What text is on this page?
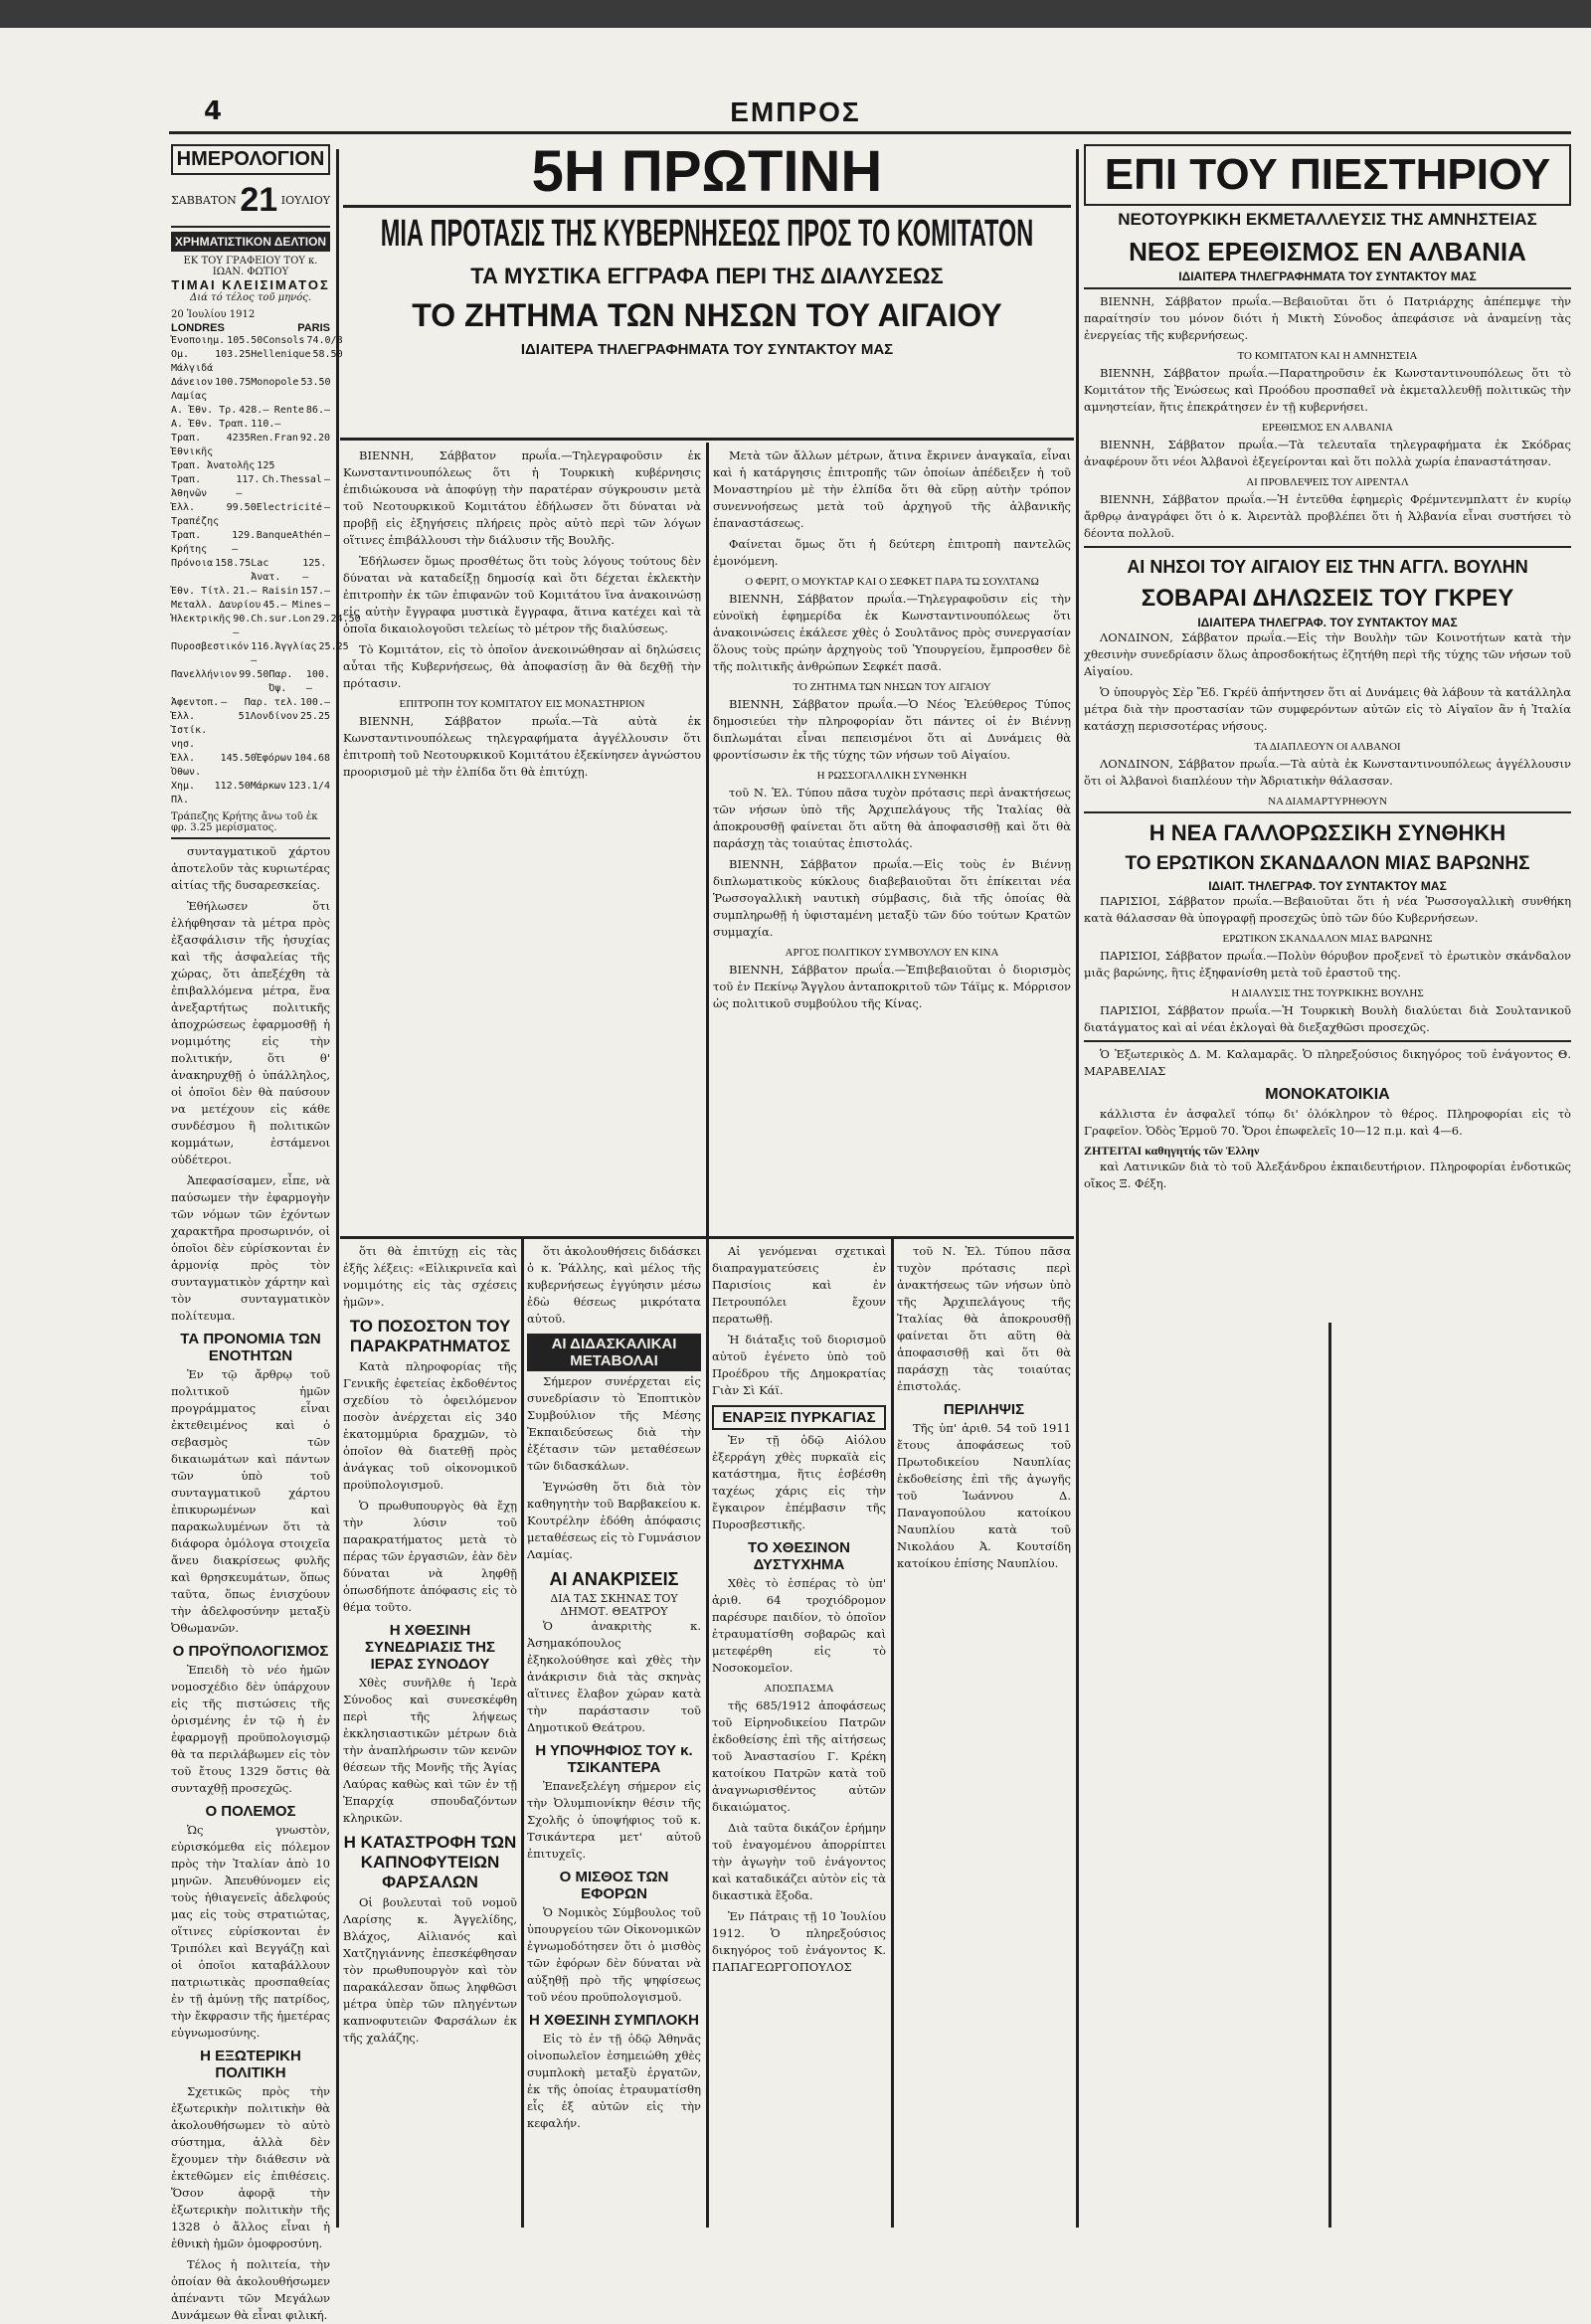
4	ΕΜΠΡΟΣ
ΗΜΕΡΟΛΟΓΙΟΝ
ΣΑΒΒΑΤΟΝ 21 ΙΟΥΛΙΟΥ
ΧΡΗΜΑΤΙΣΤΙΚΟΝ ΔΕΛΤΙΟΝ
ΕΚ ΤΟΥ ΓΡΑΦΕΙΟΥ ΤΟΥ κ. ΙΩΑΝ. ΦΩΤΙΟΥ
ΤΙΜΑΙ ΚΛΕΙΣΙΜΑΤΟΣ
Διά τό τέλος τοῦ μηνός.
20 Ἰουλίου 1912
LONDRES	PARIS
Ἐνοποιημ. 105.50 Consols 74.0/8
Ομ. Μάλγιδά
103.25 Hellenique 58.50
Δάνειον Λαμίας
100.75 Monopole 53.50
Α. Ἐθν. Τρ. 428.— Rente 86.—
Α. Ἐθν. Τραπ. 110.—
Τραπ. Ἐθνικῆς
4235 Ren.Fran 92.20
Τραπ. Ἀνατολῆς 125
Τραπ. Ἀθηνῶν
117.—
Ch.Thessal —
Ἑλλ. Τραπέζης
99.50 Electricité —
Τραπ. Κρήτης
129.—
BanqueAthén —
Πρόνοια 158.75 Lac Ἀνατ.
125.—
Ἐθν. Τίτλ. 21.— Raisin 157.—
Μεταλλ. Δαυρίου 45.— Mines —
Ἠλεκτρικῆς 90.—
Ch.sur.Lon 29.24.50
Πυροσβεστικόν 116.—
Ἀγγλίας 25.25
Πανελλήνιον 99.50 Παρ. Όψ.
100.—
Ἀφεντοπ. — Παρ. τελ. 100.—
Ἑλλ. Ἰστίκ. νησ.
51 Λονδίνον 25.25
Ἑλλ. Ὀθων.
145.50 Ἐφόρων 104.68
Χημ. Πλ.
112.50 Μάρκων 123.1/4
Τράπεζης Κρήτης ἄνω τοῦ ἐκ φρ. 3.25 μερίσματος.

συνταγματικοῦ χάρτου ἀποτελοῦν τὰς κυριωτέρας αἰτίας τῆς δυσαρεσκείας.

Ἐθήλωσεν ὅτι ἐλήφθησαν τὰ μέτρα πρὸς ἐξασφάλισιν τῆς ἡσυχίας καὶ τῆς ἀσφαλείας τῆς χώρας, ὅτι ἀπεξέχθη τὰ ἐπιβαλλόμενα μέτρα, ἕνα ἀνεξαρτήτως πολιτικῆς ἀποχρώσεως ἐφαρμοσθῇ ἡ νομιμότης εἰς τὴν πολιτικήν, ὅτι θ' ἀνακηρυχθῇ ὁ ὑπάλληλος, οἱ ὁποῖοι δὲν θὰ παύσουν να μετέχουν εἰς κάθε συνδέσμου ἢ πολιτικῶν κομμάτων, ἐστάμενοι οὐδέτεροι.

Ἀπεφασίσαμεν, εἶπε, νὰ παύσωμεν τὴν ἐφαρμογὴν τῶν νόμων τῶν ἐχόντων χαρακτῆρα προσωρινόν, οἱ ὁποῖοι δὲν εὑρίσκονται ἐν ἁρμονίᾳ πρὸς τὸν συνταγματικὸν χάρτην καὶ τὸν συνταγματικὸν πολίτευμα.

ΤΑ ΠΡΟΝΟΜΙΑ ΤΩΝ ΕΝΟΤΗΤΩΝ

Ἐν τῷ ἄρθρῳ τοῦ πολιτικοῦ ἡμῶν προγράμματος εἶναι ἐκτεθειμένος καὶ ὁ σεβασμὸς τῶν δικαιωμάτων καὶ πάντων τῶν ὑπὸ τοῦ συνταγματικοῦ χάρτου ἐπικυρωμένων καὶ παρακωλυμένων ὅτι τὰ διάφορα ὁμόλογα στοιχεῖα ἄνευ διακρίσεως φυλῆς καὶ θρησκευμάτων, ὅπως ταῦτα, ὅπως ἐνισχύουν τὴν ἀδελφοσύνην μεταξὺ Ὀθωμανῶν.

Ο ΠΡΟΫΠΟΛΟΓΙΣΜΟΣ

Ἐπειδὴ τὸ νέο ἡμῶν νομοσχέδιο δὲν ὑπάρχουν εἰς τῆς πιστώσεις τῆς ὁρισμένης ἐν τῷ ἡ ἐν ἐφαρμογῇ προϋπολογισμῷ θὰ τα περιλάβωμεν εἰς τὸν τοῦ ἔτους 1329 ὅστις θὰ συνταχθῇ προσεχῶς.

Ο ΠΟΛΕΜΟΣ

Ὡς γνωστὸν, εὑρισκόμεθα εἰς πόλεμον πρὸς τὴν Ἰταλίαν ἀπὸ 10 μηνῶν. Ἀπευθύνομεν εἰς τοὺς ἡθιαγενεῖς ἀδελφούς μας εἰς τοὺς στρατιώτας, οἵτινες εὑρίσκονται ἐν Τριπόλει καὶ Βεγγάζῃ καὶ οἱ ὁποῖοι καταβάλλουν πατριωτικὰς προσπαθείας ἐν τῇ ἀμύνῃ τῆς πατρίδος, τὴν ἔκφρασιν τῆς ἡμετέρας εὐγνωμοσύνης.

Η ΕΞΩΤΕΡΙΚΗ ΠΟΛΙΤΙΚΗ

Σχετικῶς πρὸς τὴν ἐξωτερικὴν πολιτικὴν θὰ ἀκολουθήσωμεν τὸ αὐτὸ σύστημα, ἀλλὰ δὲν ἔχουμεν τὴν διάθεσιν νὰ ἐκτεθῶμεν εἰς ἐπιθέσεις. Ὅσον ἀφορᾷ τὴν ἐξωτερικὴν πολιτικὴν τῆς 1328 ὁ ἄλλος εἶναι ἡ ἐθνικὴ ἡμῶν ὁμοφροσύνη.

Τέλος ἡ πολιτεία, τὴν ὁποίαν θὰ ἀκολουθήσωμεν ἀπέναντι τῶν Μεγάλων Δυνάμεων θὰ εἶναι φιλική.

5Η ΠΡΩΤΙΝΗ
ΜΙΑ ΠΡΟΤΑΣΙΣ ΤΗΣ ΚΥΒΕΡΝΗΣΕΩΣ ΠΡΟΣ ΤΟ ΚΟΜΙΤΑΤΟΝ
ΤΑ ΜΥΣΤΙΚΑ ΕΓΓΡΑΦΑ ΠΕΡΙ ΤΗΣ ΔΙΑΛΥΣΕΩΣ
ΤΟ ΖΗΤΗΜΑ ΤΩΝ ΝΗΣΩΝ ΤΟΥ ΑΙΓΑΙΟΥ
ΙΔΙΑΙΤΕΡΑ ΤΗΛΕΓΡΑΦΗΜΑΤΑ ΤΟΥ ΣΥΝΤΑΚΤΟΥ ΜΑΣ

ΒΙΕΝΝΗ, Σάββατον πρωΐα.—Τηλεγραφοῦσιν ἐκ Κωνσταντινουπόλεως ὅτι ἡ Τουρκικὴ κυβέρνησις ἐπιδιώκουσα νὰ ἀποφύγῃ τὴν παρατέραν σύγκρουσιν μετὰ τοῦ Νεοτουρκικοῦ Κομιτάτου ἐδήλωσεν ὅτι δύναται νὰ προβῇ εἰς ἐξηγήσεις πλήρεις πρὸς αὐτὸ περὶ τῶν λόγων οἵτινες ἐπιβάλλουσι τὴν διάλυσιν τῆς Βουλῆς.

Ἐδήλωσεν ὅμως προσθέτως ὅτι τοὺς λόγους τούτους δὲν δύναται νὰ καταδείξῃ δημοσίᾳ καὶ ὅτι δέχεται ἐκλεκτὴν ἐπιτροπὴν ἐκ τῶν ἐπιφανῶν τοῦ Κομιτάτου ἵνα ἀνακοινώσῃ εἰς αὐτὴν ἔγγραφα μυστικὰ ἔγγραφα, ἅτινα κατέχει καὶ τὰ ὁποῖα δικαιολογοῦσι τελείως τὸ μέτρον τῆς διαλύσεως.

Τὸ Κομιτάτον, εἰς τὸ ὁποῖον ἀνεκοινώθησαν αἱ δηλώσεις αὗται τῆς Κυβερνήσεως, θὰ ἀποφασίσῃ ἂν θὰ δεχθῇ τὴν πρότασιν.

ΕΠΙΤΡΟΠΗ ΤΟΥ ΚΟΜΙΤΑΤΟΥ ΕΙΣ ΜΟΝΑΣΤΗΡΙΟΝ

ΒΙΕΝΝΗ, Σάββατον πρωΐα.—Τὰ αὐτὰ ἐκ Κωνσταντινουπόλεως τηλεγραφήματα ἀγγέλλουσιν ὅτι ἐπιτροπὴ τοῦ Νεοτουρκικοῦ Κομιτάτου ἐξεκίνησεν ἀγνώστου προορισμοῦ μὲ τὴν ἐλπίδα ὅτι θὰ ἐπιτύχῃ.

Μετὰ τῶν ἄλλων μέτρων, ἅτινα ἔκρινεν ἀναγκαῖα, εἶναι καὶ ἡ κατάργησις ἐπιτροπῆς τῶν ὁποίων ἀπέδειξεν ἡ τοῦ Μοναστηρίου μὲ τὴν ἐλπίδα ὅτι θὰ εὕρῃ αὐτὴν τρόπον συνεννοήσεως μετὰ τοῦ ἀρχηγοῦ τῆς ἀλβανικῆς ἐπαναστάσεως.

Φαίνεται ὅμως ὅτι ἡ δεύτερη ἐπιτροπὴ παντελῶς ἐμονόμενη.

Ο ΦΕΡΙΤ, Ο ΜΟΥΚΤΑΡ ΚΑΙ Ο ΣΕΦΚΕΤ ΠΑΡΑ ΤΩ ΣΟΥΛΤΑΝΩ

ΒΙΕΝΝΗ, Σάββατον πρωΐα.—Τηλεγραφοῦσιν εἰς τὴν εὐνοϊκὴ ἐφημερίδα ἐκ Κωνσταντινουπόλεως ὅτι ἀνακοινώσεις ἐκάλεσε χθὲς ὁ Σουλτᾶνος πρὸς συνεργασίαν ὅλους τοὺς πρώην ἀρχηγοὺς τοῦ Ὑπουργείου, ἔμπροσθεν δὲ τῆς πολιτικῆς ἀνθρώπων Σεφκέτ πασᾶ.

ΤΟ ΖΗΤΗΜΑ ΤΩΝ ΝΗΣΩΝ ΤΟΥ ΑΙΓΑΙΟΥ

ΒΙΕΝΝΗ, Σάββατον πρωΐα.—Ὁ Νέος Ἐλεύθερος Τύπος δημοσιεύει τὴν πληροφορίαν ὅτι πάντες οἱ ἐν Βιέννῃ διπλωμάται εἶναι πεπεισμένοι ὅτι αἱ Δυνάμεις θὰ φροντίσωσιν ἐκ τῆς τύχης τῶν νήσων τοῦ Αἰγαίου.

Η ΡΩΣΣΟΓΑΛΛΙΚΗ ΣΥΝΘΗΚΗ

τοῦ Ν. Ἐλ. Τύπου πᾶσα τυχὸν πρότασις περὶ ἀνακτήσεως τῶν νήσων ὑπὸ τῆς Ἀρχιπελάγους τῆς Ἰταλίας θὰ ἀποκρουσθῇ φαίνεται ὅτι αὕτη θὰ ἀποφασισθῇ καὶ ὅτι θὰ παράσχῃ τὰς τοιαύτας ἐπιστολάς.

ΒΙΕΝΝΗ, Σάββατον πρωΐα.—Εἰς τοὺς ἐν Βιέννῃ διπλωματικοὺς κύκλους διαβεβαιοῦται ὅτι ἐπίκειται νέα Ῥωσσογαλλικὴ ναυτικὴ σύμβασις, διὰ τῆς ὁποίας θὰ συμπληρωθῇ ἡ ὑφισταμένη μεταξὺ τῶν δύο τούτων Κρατῶν συμμαχία.

ΑΡΓΟΣ ΠΟΛΙΤΙΚΟΥ ΣΥΜΒΟΥΛΟΥ ΕΝ ΚΙΝΑ

ΒΙΕΝΝΗ, Σάββατον πρωΐα.—Ἐπιβεβαιοῦται ὁ διορισμὸς τοῦ ἐν Πεκίνῳ Ἄγγλου ἀνταποκριτοῦ τῶν Τάϊμς κ. Μόρρισον ὡς πολιτικοῦ συμβούλου τῆς Κίνας.

ὅτι θὰ ἐπιτύχῃ εἰς τὰς ἐξῆς λέξεις: «Εἰλικρινεῖα καὶ νομιμότης εἰς τὰς σχέσεις ἡμῶν».

ΤΟ ΠΟΣΟΣΤΟΝ ΤΟΥ ΠΑΡΑΚΡΑΤΗΜΑΤΟΣ

Κατὰ πληροφορίας τῆς Γενικῆς ἐφετείας ἐκδοθέντος σχεδίου τὸ ὀφειλόμενον ποσὸν ἀνέρχεται εἰς 340 ἑκατομμύρια δραχμῶν, τὸ ὁποῖον θὰ διατεθῇ πρὸς ἀνάγκας τοῦ οἰκονομικοῦ προϋπολογισμοῦ.

Ὁ πρωθυπουργὸς θὰ ἔχῃ τὴν λύσιν τοῦ παρακρατήματος μετὰ τὸ πέρας τῶν ἐργασιῶν, ἐὰν δὲν δύναται νὰ ληφθῇ ὁπωσδήποτε ἀπόφασις εἰς τὸ θέμα τοῦτο.

Η ΧΘΕΣΙΝΗ ΣΥΝΕΔΡΙΑΣΙΣ ΤΗΣ ΙΕΡΑΣ ΣΥΝΟΔΟΥ

Χθὲς συνῆλθε ἡ Ἱερὰ Σύνοδος καὶ συνεσκέφθη περὶ τῆς λήψεως ἐκκλησιαστικῶν μέτρων διὰ τὴν ἀναπλήρωσιν τῶν κενῶν θέσεων τῆς Μονῆς τῆς Ἁγίας Λαύρας καθὼς καὶ τῶν ἐν τῇ Ἐπαρχίᾳ σπουδαζόντων κληρικῶν.

Η ΚΑΤΑΣΤΡΟΦΗ ΤΩΝ ΚΑΠΝΟΦΥΤΕΙΩΝ ΦΑΡΣΑΛΩΝ

Οἱ βουλευταὶ τοῦ νομοῦ Λαρίσης κ. Ἀγγελίδης, Βλάχος, Αἰλιανός καὶ Χατζηγιάννης ἐπεσκέφθησαν τὸν πρωθυπουργὸν καὶ τὸν παρακάλεσαν ὅπως ληφθῶσι μέτρα ὑπὲρ τῶν πληγέντων καπνοφυτειῶν Φαρσάλων ἐκ τῆς χαλάζης.

ὅτι ἀκολουθήσεις διδάσκει ὁ κ. Ῥάλλης, καὶ μέλος τῆς κυβερνήσεως ἐγγύησιν μέσω ἐδὼ θέσεως μικρότατα αὐτοῦ.

ΑΙ ΔΙΔΑΣΚΑΛΙΚΑΙ ΜΕΤΑΒΟΛΑΙ

Σήμερον συνέρχεται εἰς συνεδρίασιν τὸ Ἐποπτικὸν Συμβούλιον τῆς Μέσης Ἐκπαιδεύσεως διὰ τὴν ἐξέτασιν τῶν μεταθέσεων τῶν διδασκάλων.

Ἐγνώσθη ὅτι διὰ τὸν καθηγητὴν τοῦ Βαρβακείου κ. Κουτρέλην ἐδόθη ἀπόφασις μεταθέσεως εἰς τὸ Γυμνάσιον Λαμίας.

ΑΙ ΑΝΑΚΡΙΣΕΙΣ
ΔΙΑ ΤΑΣ ΣΚΗΝΑΣ ΤΟΥ ΔΗΜΟΤ. ΘΕΑΤΡΟΥ

Ὁ ἀνακριτὴς κ. Ἀσημακόπουλος ἐξηκολούθησε καὶ χθὲς τὴν ἀνάκρισιν διὰ τὰς σκηνὰς αἵτινες ἔλαβον χώραν κατὰ τὴν παράστασιν τοῦ Δημοτικοῦ Θεάτρου.

Η ΥΠΟΨΗΦΙΟΣ ΤΟΥ κ. ΤΣΙΚΑΝΤΕΡΑ

Ἐπανεξελέγη σήμερον εἰς τὴν Ὀλυμπιονίκην θέσιν τῆς Σχολῆς ὁ ὑποψήφιος τοῦ κ. Τσικάντερα μετ' αὐτοῦ ἐπιτυχεῖς.

Ο ΜΙΣΘΟΣ ΤΩΝ ΕΦΟΡΩΝ

Ὁ Νομικὸς Σύμβουλος τοῦ ὑπουργείου τῶν Οἰκονομικῶν ἐγνωμοδότησεν ὅτι ὁ μισθὸς τῶν ἐφόρων δὲν δύναται νὰ αὐξηθῇ πρὸ τῆς ψηφίσεως τοῦ νέου προϋπολογισμοῦ.

Η ΧΘΕΣΙΝΗ ΣΥΜΠΛΟΚΗ

Εἰς τὸ ἐν τῇ ὁδῷ Ἀθηνᾶς οἰνοπωλεῖον ἐσημειώθη χθὲς συμπλοκὴ μεταξὺ ἐργατῶν, ἐκ τῆς ὁποίας ἐτραυματίσθη εἷς ἐξ αὐτῶν εἰς τὴν κεφαλήν.

Αἱ γενόμεναι σχετικαὶ διαπραγματεύσεις ἐν Παρισίοις καὶ ἐν Πετρουπόλει ἔχουν περατωθῇ.

Ἡ διάταξις τοῦ διορισμοῦ αὐτοῦ ἐγένετο ὑπὸ τοῦ Προέδρου τῆς Δημοκρατίας Γιὰν Σὶ Κάϊ.

ΕΝΑΡΞΙΣ ΠΥΡΚΑΓΙΑΣ

Ἐν τῇ ὁδῷ Αἰόλου ἐξερράγη χθὲς πυρκαϊὰ εἰς κατάστημα, ἥτις ἐσβέσθη ταχέως χάρις εἰς τὴν ἔγκαιρον ἐπέμβασιν τῆς Πυροσβεστικῆς.

ΤΟ ΧΘΕΣΙΝΟΝ ΔΥΣΤΥΧΗΜΑ

Χθὲς τὸ ἑσπέρας τὸ ὑπ' ἀριθ. 64 τροχιόδρομον παρέσυρε παιδίον, τὸ ὁποῖον ἐτραυματίσθη σοβαρῶς καὶ μετεφέρθη εἰς τὸ Νοσοκομεῖον.

ΑΠΟΣΠΑΣΜΑ

τῆς 685/1912 ἀποφάσεως τοῦ Εἰρηνοδικείου Πατρῶν ἐκδοθείσης ἐπὶ τῆς αἰτήσεως τοῦ Ἀναστασίου Γ. Κρέκη κατοίκου Πατρῶν κατὰ τοῦ ἀναγνωρισθέντος αὐτῶν δικαιώματος.

Διὰ ταῦτα δικάζον ἐρήμην τοῦ ἐναγομένου ἀπορρίπτει τὴν ἀγωγὴν τοῦ ἐνάγοντος καὶ καταδικάζει αὐτὸν εἰς τὰ δικαστικὰ ἔξοδα.

Ἐν Πάτραις τῇ 10 Ἰουλίου 1912. Ὁ πληρεξούσιος δικηγόρος τοῦ ἐνάγοντος Κ. ΠΑΠΑΓΕΩΡΓΟΠΟΥΛΟΣ

τοῦ Ν. Ἐλ. Τύπου πᾶσα τυχὸν πρότασις περὶ ἀνακτήσεως τῶν νήσων ὑπὸ τῆς Ἀρχιπελάγους τῆς Ἰταλίας θὰ ἀποκρουσθῇ φαίνεται ὅτι αὕτη θὰ ἀποφασισθῇ καὶ ὅτι θὰ παράσχῃ τὰς τοιαύτας ἐπιστολάς.

ΠΕΡΙΛΗΨΙΣ

Τῆς ὑπ' ἀριθ. 54 τοῦ 1911 ἔτους ἀποφάσεως τοῦ Πρωτοδικείου Ναυπλίας ἐκδοθείσης ἐπὶ τῆς ἀγωγῆς τοῦ Ἰωάννου Δ. Παναγοπούλου κατοίκου Ναυπλίου κατὰ τοῦ Νικολάου Ἀ. Κουτσίδη κατοίκου ἐπίσης Ναυπλίου.

ΕΠΙ ΤΟΥ ΠΙΕΣΤΗΡΙΟΥ
ΝΕΟΤΟΥΡΚΙΚΗ ΕΚΜΕΤΑΛΛΕΥΣΙΣ ΤΗΣ ΑΜΝΗΣΤΕΙΑΣ
ΝΕΟΣ ΕΡΕΘΙΣΜΟΣ ΕΝ ΑΛΒΑΝΙΑ
ΙΔΙΑΙΤΕΡΑ ΤΗΛΕΓΡΑΦΗΜΑΤΑ ΤΟΥ ΣΥΝΤΑΚΤΟΥ ΜΑΣ

ΒΙΕΝΝΗ, Σάββατον πρωΐα.—Βεβαιοῦται ὅτι ὁ Πατριάρχης ἀπέπεμψε τὴν παραίτησίν του μόνον διότι ἡ Μικτὴ Σύνοδος ἀπεφάσισε νὰ ἀναμείνῃ τὰς ἐνεργείας τῆς κυβερνήσεως.

ΤΟ ΚΟΜΙΤΑΤΟΝ ΚΑΙ Η ΑΜΝΗΣΤΕΙΑ

ΒΙΕΝΝΗ, Σάββατον πρωΐα.—Παρατηροῦσιν ἐκ Κωνσταντινουπόλεως ὅτι τὸ Κομιτάτον τῆς Ἑνώσεως καὶ Προόδου προσπαθεῖ νὰ ἐκμεταλλευθῇ πολιτικῶς τὴν αμνηστείαν, ἥτις ἐπεκράτησεν ἐν τῇ κυβερνήσει.

ΕΡΕΘΙΣΜΟΣ ΕΝ ΑΛΒΑΝΙΑ

ΒΙΕΝΝΗ, Σάββατον πρωΐα.—Τὰ τελευταῖα τηλεγραφήματα ἐκ Σκόδρας ἀναφέρουν ὅτι νέοι Ἀλβανοὶ ἐξεγείρονται καὶ ὅτι πολλὰ χωρία ἐπαναστάτησαν.

ΑΙ ΠΡΟΒΛΕΨΕΙΣ ΤΟΥ ΑΙΡΕΝΤΑΛ

ΒΙΕΝΝΗ, Σάββατον πρωΐα.—Ἡ ἐντεῦθα ἐφημερὶς Φρέμντενμπλαττ ἐν κυρίῳ ἄρθρῳ ἀναγράφει ὅτι ὁ κ. Ἀιρεντὰλ προβλέπει ὅτι ἡ Ἀλβανία εἶναι συστήσει τὸ δέοντα πολλοῦ.

ΑΙ ΝΗΣΟΙ ΤΟΥ ΑΙΓΑΙΟΥ ΕΙΣ ΤΗΝ ΑΓΓΛ. ΒΟΥΛΗΝ
ΣΟΒΑΡΑΙ ΔΗΛΩΣΕΙΣ ΤΟΥ ΓΚΡΕΥ
ΙΔΙΑΙΤΕΡΑ ΤΗΛΕΓΡΑΦ. ΤΟΥ ΣΥΝΤΑΚΤΟΥ ΜΑΣ

ΛΟΝΔΙΝΟΝ, Σάββατον πρωΐα.—Εἰς τὴν Βουλὴν τῶν Κοινοτήτων κατὰ τὴν χθεσινὴν συνεδρίασιν ὅλως ἀπροσδοκήτως ἐζητήθη περὶ τῆς τύχης τῶν νήσων τοῦ Αἰγαίου.

Ὁ ὑπουργὸς Σὲρ Ἔδ. Γκρέϋ ἀπήντησεν ὅτι αἱ Δυνάμεις θὰ λάβουν τὰ κατάλληλα μέτρα διὰ τὴν προστασίαν τῶν συμφερόντων αὐτῶν εἰς τὸ Αἰγαῖον ἂν ἡ Ἰταλία κατάσχῃ περισσοτέρας νήσους.

ΤΑ ΔΙΑΠΛΕΟΥΝ ΟΙ ΑΛΒΑΝΟΙ

ΛΟΝΔΙΝΟΝ, Σάββατον πρωΐα.—Τὰ αὐτὰ ἐκ Κωνσταντινουπόλεως ἀγγέλλουσιν ὅτι οἱ Ἀλβανοὶ διαπλέουν τὴν Ἀδριατικὴν θάλασσαν.

ΝΑ ΔΙΑΜΑΡΤΥΡΗΘΟΥΝ
Η ΝΕΑ ΓΑΛΛΟΡΩΣΣΙΚΗ ΣΥΝΘΗΚΗ
ΤΟ ΕΡΩΤΙΚΟΝ ΣΚΑΝΔΑΛΟΝ ΜΙΑΣ ΒΑΡΩΝΗΣ
ΙΔΙΑΙΤ. ΤΗΛΕΓΡΑΦ. ΤΟΥ ΣΥΝΤΑΚΤΟΥ ΜΑΣ

ΠΑΡΙΣΙΟΙ, Σάββατον πρωΐα.—Βεβαιοῦται ὅτι ἡ νέα Ῥωσσογαλλικὴ συνθήκη κατὰ θάλασσαν θὰ ὑπογραφῇ προσεχῶς ὑπὸ τῶν δύο Κυβερνήσεων.

ΕΡΩΤΙΚΟΝ ΣΚΑΝΔΑΛΟΝ ΜΙΑΣ ΒΑΡΩΝΗΣ

ΠΑΡΙΣΙΟΙ, Σάββατον πρωΐα.—Πολὺν θόρυβον προξενεῖ τὸ ἐρωτικὸν σκάνδαλον μιᾶς βαρώνης, ἣτις ἐξηφανίσθη μετὰ τοῦ ἐραστοῦ της.

Η ΔΙΑΛΥΣΙΣ ΤΗΣ ΤΟΥΡΚΙΚΗΣ ΒΟΥΛΗΣ

ΠΑΡΙΣΙΟΙ, Σάββατον πρωΐα.—Ἡ Τουρκικὴ Βουλὴ διαλύεται διὰ Σουλτανικοῦ διατάγματος καὶ αἱ νέαι ἐκλογαὶ θὰ διεξαχθῶσι προσεχῶς.

Ὁ Ἐξωτερικὸς Δ. Μ. Καλαμαρᾶς. Ὁ πληρεξούσιος δικηγόρος τοῦ ἐνάγοντος Θ. ΜΑΡΑΒΕΛΙΑΣ

ΜΟΝΟΚΑΤΟΙΚΙΑ

κάλλιστα ἐν ἀσφαλεῖ τόπῳ δι' ὁλόκληρον τὸ θέρος. Πληροφορίαι εἰς τὸ Γραφεῖον. Ὁδὸς Ἑρμοῦ 70. Ὅροι ἐπωφελεῖς 10—12 π.μ. καὶ 4—6.

ΖΗΤΕΙΤΑΙ καθηγητής τῶν Ἑλλην

καὶ Λατινικῶν διὰ τὸ τοῦ Ἀλεξάνδρου ἐκπαιδευτήριον. Πληροφορίαι ἐνδοτικῶς οἴκος Ξ. Φέξη.
